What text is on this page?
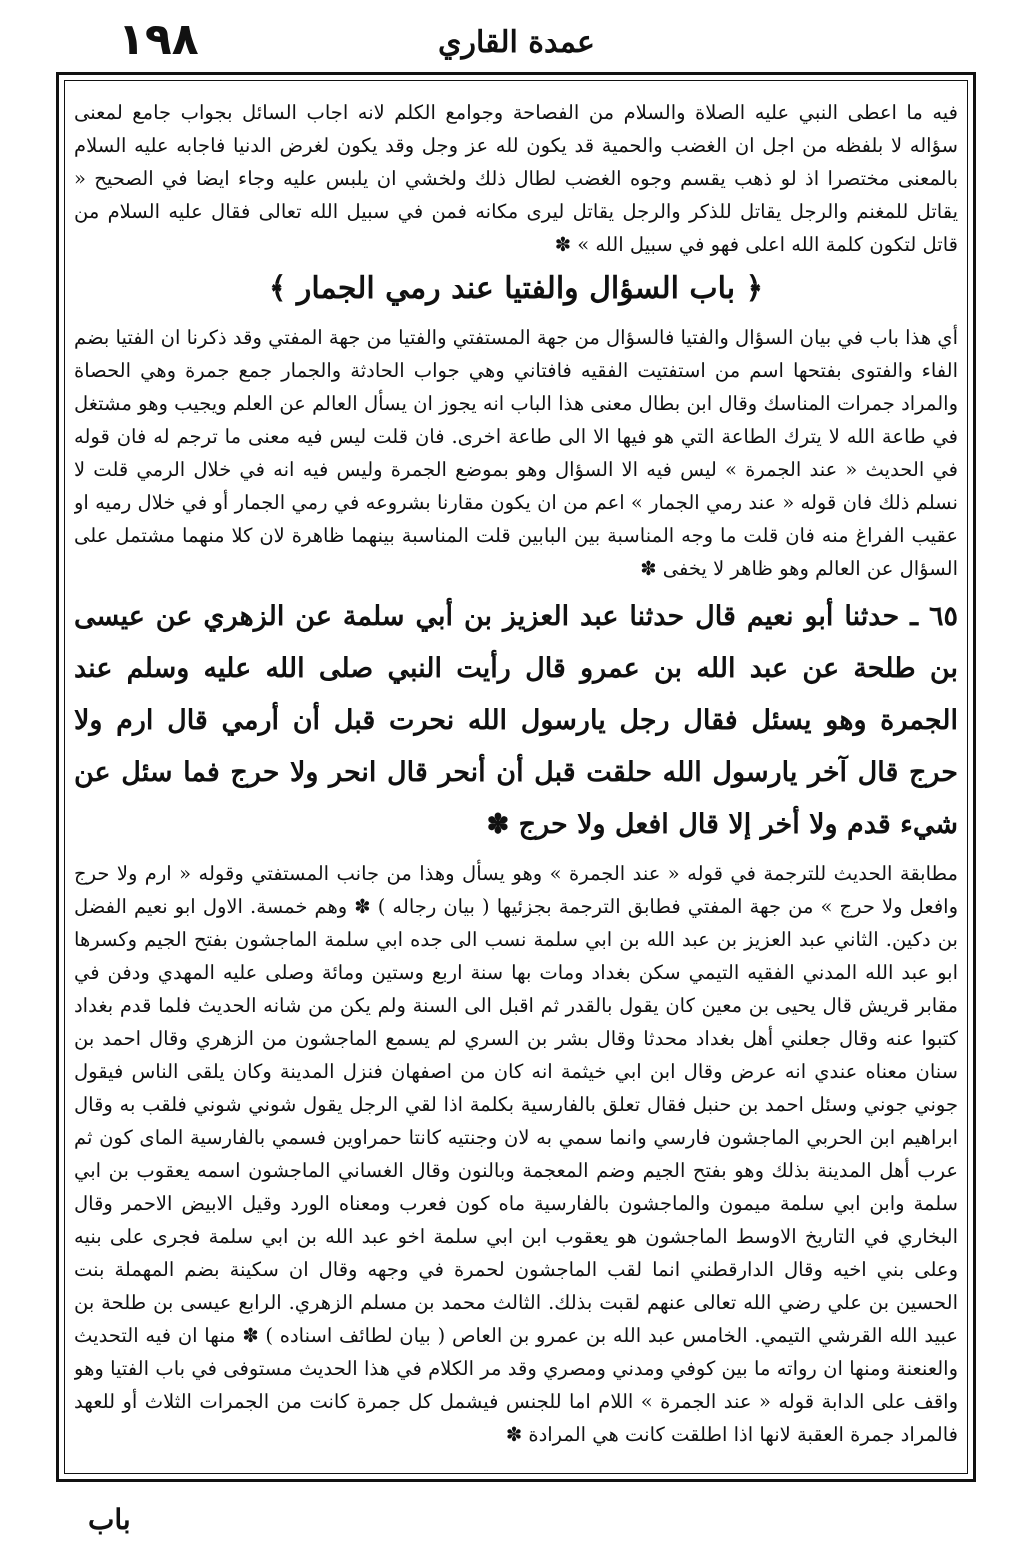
١٩٨	عمدة القاري

فيه ما اعطى النبي عليه الصلاة والسلام من الفصاحة وجوامع الكلم لانه اجاب السائل بجواب جامع لمعنى سؤاله لا بلفظه من اجل ان الغضب والحمية قد يكون لله عز وجل وقد يكون لغرض الدنيا فاجابه عليه السلام بالمعنى مختصرا اذ لو ذهب يقسم وجوه الغضب لطال ذلك ولخشي ان يلبس عليه وجاء ايضا في الصحيح « يقاتل للمغنم والرجل يقاتل للذكر والرجل يقاتل ليرى مكانه فمن في سبيل الله تعالى فقال عليه السلام من قاتل لتكون كلمة الله اعلى فهو في سبيل الله » ✽

﴿ باب السؤال والفتيا عند رمي الجمار ﴾

أي هذا باب في بيان السؤال والفتيا فالسؤال من جهة المستفتي والفتيا من جهة المفتي وقد ذكرنا ان الفتيا بضم الفاء والفتوى بفتحها اسم من استفتيت الفقيه فافتاني وهي جواب الحادثة والجمار جمع جمرة وهي الحصاة والمراد جمرات المناسك وقال ابن بطال معنى هذا الباب انه يجوز ان يسأل العالم عن العلم ويجيب وهو مشتغل في طاعة الله لا يترك الطاعة التي هو فيها الا الى طاعة اخرى. فان قلت ليس فيه معنى ما ترجم له فان قوله في الحديث « عند الجمرة » ليس فيه الا السؤال وهو بموضع الجمرة وليس فيه انه في خلال الرمي قلت لا نسلم ذلك فان قوله « عند رمي الجمار » اعم من ان يكون مقارنا بشروعه في رمي الجمار أو في خلال رميه او عقيب الفراغ منه فان قلت ما وجه المناسبة بين البابين قلت المناسبة بينهما ظاهرة لان كلا منهما مشتمل على السؤال عن العالم وهو ظاهر لا يخفى ✽

٦٥ ـ حدثنا أبو نعيم قال حدثنا عبد العزيز بن أبي سلمة عن الزهري عن عيسى بن طلحة عن عبد الله بن عمرو قال رأيت النبي صلى الله عليه وسلم عند الجمرة وهو يسئل فقال رجل يارسول الله نحرت قبل أن أرمي قال ارم ولا حرج قال آخر يارسول الله حلقت قبل أن أنحر قال انحر ولا حرج فما سئل عن شيء قدم ولا أخر إلا قال افعل ولا حرج ✽

مطابقة الحديث للترجمة في قوله « عند الجمرة » وهو يسأل وهذا من جانب المستفتي وقوله « ارم ولا حرج وافعل ولا حرج » من جهة المفتي فطابق الترجمة بجزئيها ( بيان رجاله ) ✽ وهم خمسة. الاول ابو نعيم الفضل بن دكين. الثاني عبد العزيز بن عبد الله بن ابي سلمة نسب الى جده ابي سلمة الماجشون بفتح الجيم وكسرها ابو عبد الله المدني الفقيه التيمي سكن بغداد ومات بها سنة اربع وستين ومائة وصلى عليه المهدي ودفن في مقابر قريش قال يحيى بن معين كان يقول بالقدر ثم اقبل الى السنة ولم يكن من شانه الحديث فلما قدم بغداد كتبوا عنه وقال جعلني أهل بغداد محدثا وقال بشر بن السري لم يسمع الماجشون من الزهري وقال احمد بن سنان معناه عندي انه عرض وقال ابن ابي خيثمة انه كان من اصفهان فنزل المدينة وكان يلقى الناس فيقول جوني جوني وسئل احمد بن حنبل فقال تعلق بالفارسية بكلمة اذا لقي الرجل يقول شوني شوني فلقب به وقال ابراهيم ابن الحربي الماجشون فارسي وانما سمي به لان وجنتيه كانتا حمراوين فسمي بالفارسية الماى كون ثم عرب أهل المدينة بذلك وهو بفتح الجيم وضم المعجمة وبالنون وقال الغساني الماجشون اسمه يعقوب بن ابي سلمة وابن ابي سلمة ميمون والماجشون بالفارسية ماه كون فعرب ومعناه الورد وقيل الابيض الاحمر وقال البخاري في التاريخ الاوسط الماجشون هو يعقوب ابن ابي سلمة اخو عبد الله بن ابي سلمة فجرى على بنيه وعلى بني اخيه وقال الدارقطني انما لقب الماجشون لحمرة في وجهه وقال ان سكينة بضم المهملة بنت الحسين بن علي رضي الله تعالى عنهم لقبت بذلك. الثالث محمد بن مسلم الزهري. الرابع عيسى بن طلحة بن عبيد الله القرشي التيمي. الخامس عبد الله بن عمرو بن العاص ( بيان لطائف اسناده ) ✽ منها ان فيه التحديث والعنعنة ومنها ان رواته ما بين كوفي ومدني ومصري وقد مر الكلام في هذا الحديث مستوفى في باب الفتيا وهو واقف على الدابة قوله « عند الجمرة » اللام اما للجنس فيشمل كل جمرة كانت من الجمرات الثلاث أو للعهد فالمراد جمرة العقبة لانها اذا اطلقت كانت هي المرادة ✽

باب
